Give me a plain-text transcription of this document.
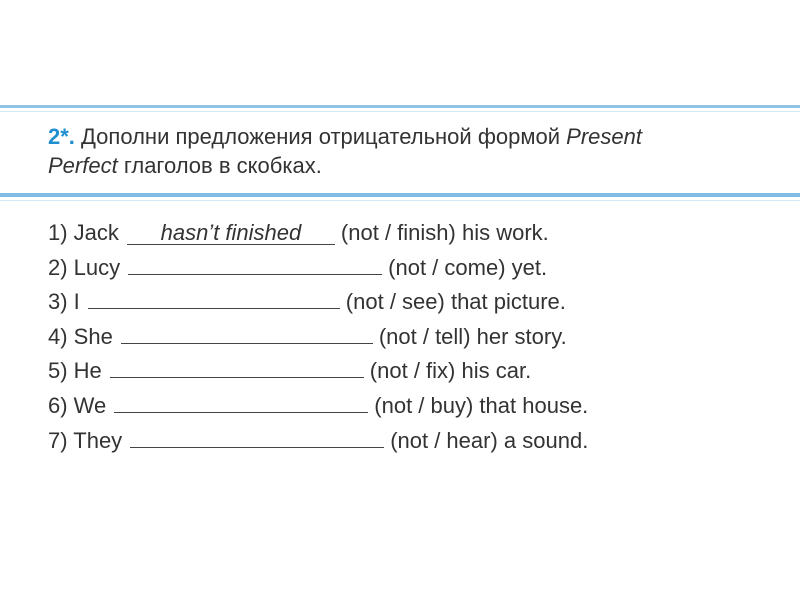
2*. Дополни предложения отрицательной формой Present
Perfect глаголов в скобках.
1) Jack hasn’t finished (not / finish) his work.
2) Lucy	(not / come) yet.
3) I	(not / see) that picture.
4) She	(not / tell) her story.
5) He	(not / fix) his car.
6) We	(not / buy) that house.
7) They	(not / hear) a sound.
